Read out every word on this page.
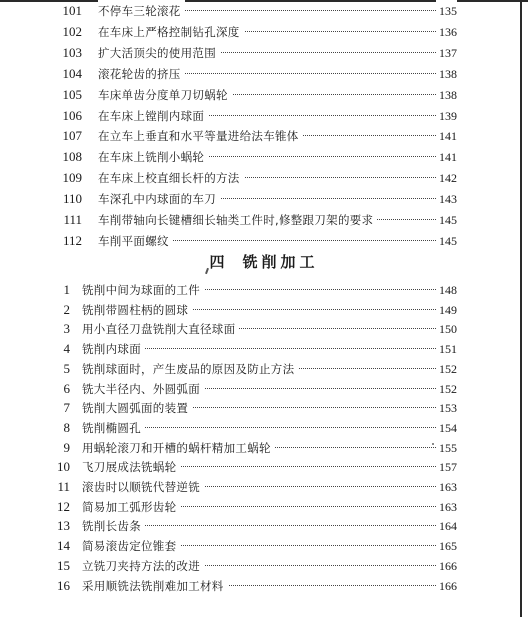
101 不停车三轮滚花	135
102 在车床上严格控制钻孔深度	136
103 扩大活顶尖的使用范围	137
104 滚花轮齿的挤压	138
105 车床单齿分度单刀切蜗轮	138
106 在车床上镗削内球面	139
107 在立车上垂直和水平等量进给法车锥体	141
108 在车床上铣削小蜗轮	141
109 在车床上校直细长杆的方法	142
110 车深孔中内球面的车刀	143
111 车削带轴向长键槽细长轴类工件时,修整跟刀架的要求	145
112 车削平面螺纹	145
四 铣削加工
1 铣削中间为球面的工件	148
2 铣削带圆柱柄的圆球	149
3 用小直径刀盘铣削大直径球面	150
4 铣削内球面	151
5 铣削球面时，产生废品的原因及防止方法	152
6 铣大半径内、外圆弧面	152
7 铣削大圆弧面的装置	153
8 铣削椭圆孔	154
9 用蜗轮滚刀和开槽的蜗杆精加工蜗轮	155
10 飞刀展成法铣蜗轮	157
11 滚齿时以顺铣代替逆铣	163
12 简易加工弧形齿轮	163
13 铣削长齿条	164
14 简易滚齿定位锥套	165
15 立铣刀夹持方法的改进	166
16 采用顺铣法铣削难加工材料	166
